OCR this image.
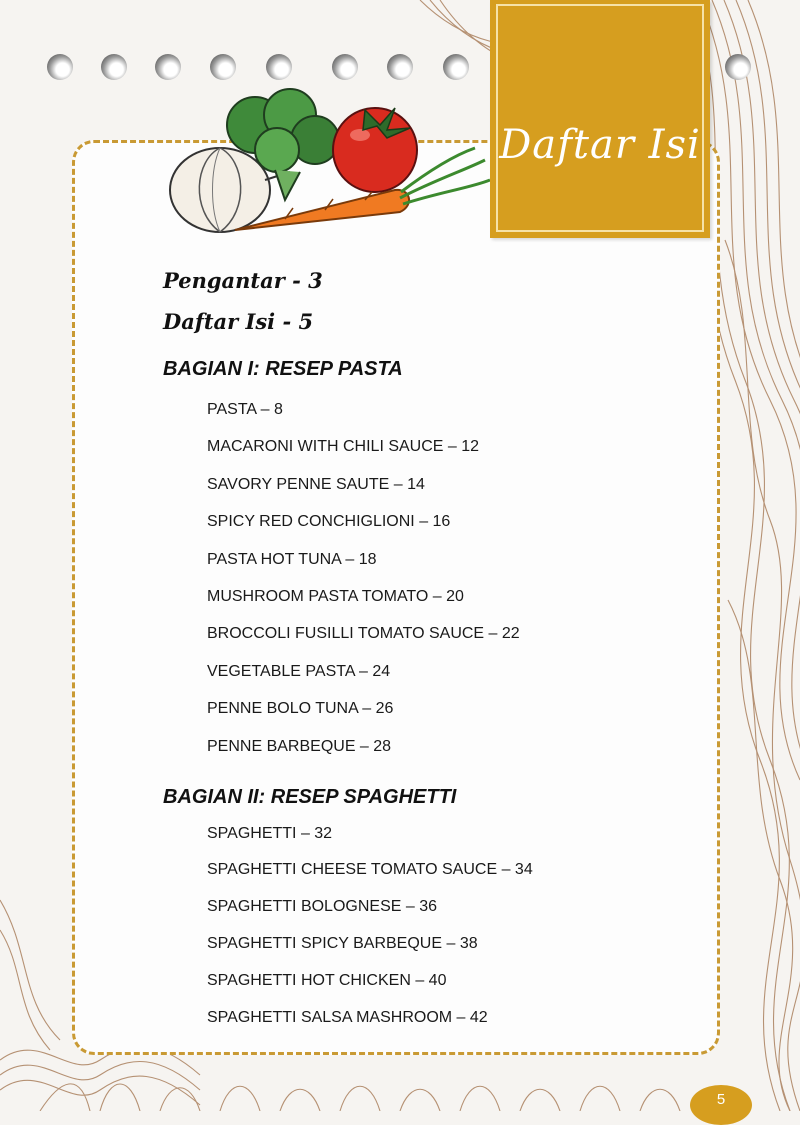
Daftar Isi
Pengantar - 3
Daftar Isi - 5
BAGIAN I: RESEP PASTA
PASTA – 8
MACARONI WITH CHILI SAUCE – 12
SAVORY PENNE SAUTE – 14
SPICY RED CONCHIGLIONI – 16
PASTA HOT TUNA – 18
MUSHROOM PASTA TOMATO – 20
BROCCOLI FUSILLI TOMATO SAUCE – 22
VEGETABLE PASTA – 24
PENNE BOLO TUNA – 26
PENNE BARBEQUE – 28
BAGIAN II: RESEP SPAGHETTI
SPAGHETTI – 32
SPAGHETTI CHEESE TOMATO SAUCE – 34
SPAGHETTI BOLOGNESE – 36
SPAGHETTI SPICY BARBEQUE – 38
SPAGHETTI HOT CHICKEN – 40
SPAGHETTI SALSA MASHROOM – 42
5
